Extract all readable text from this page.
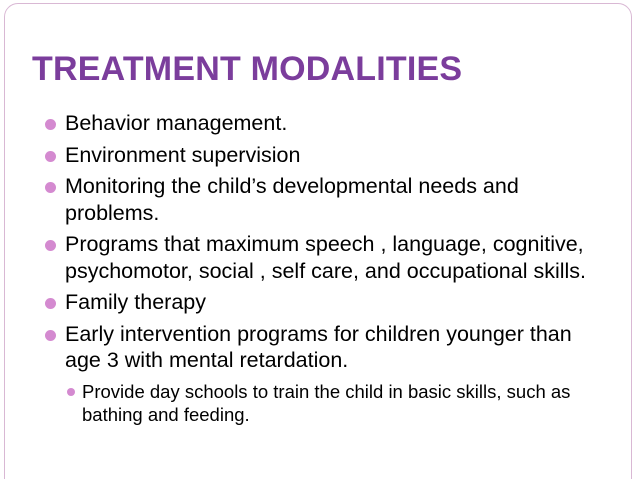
TREATMENT MODALITIES
Behavior management.
Environment supervision
Monitoring the child’s developmental needs and problems.
Programs that maximum speech , language, cognitive, psychomotor, social , self care, and occupational skills.
Family therapy
Early intervention programs for children younger than age 3 with mental retardation.
Provide day schools to train the child in basic skills, such as bathing and feeding.
